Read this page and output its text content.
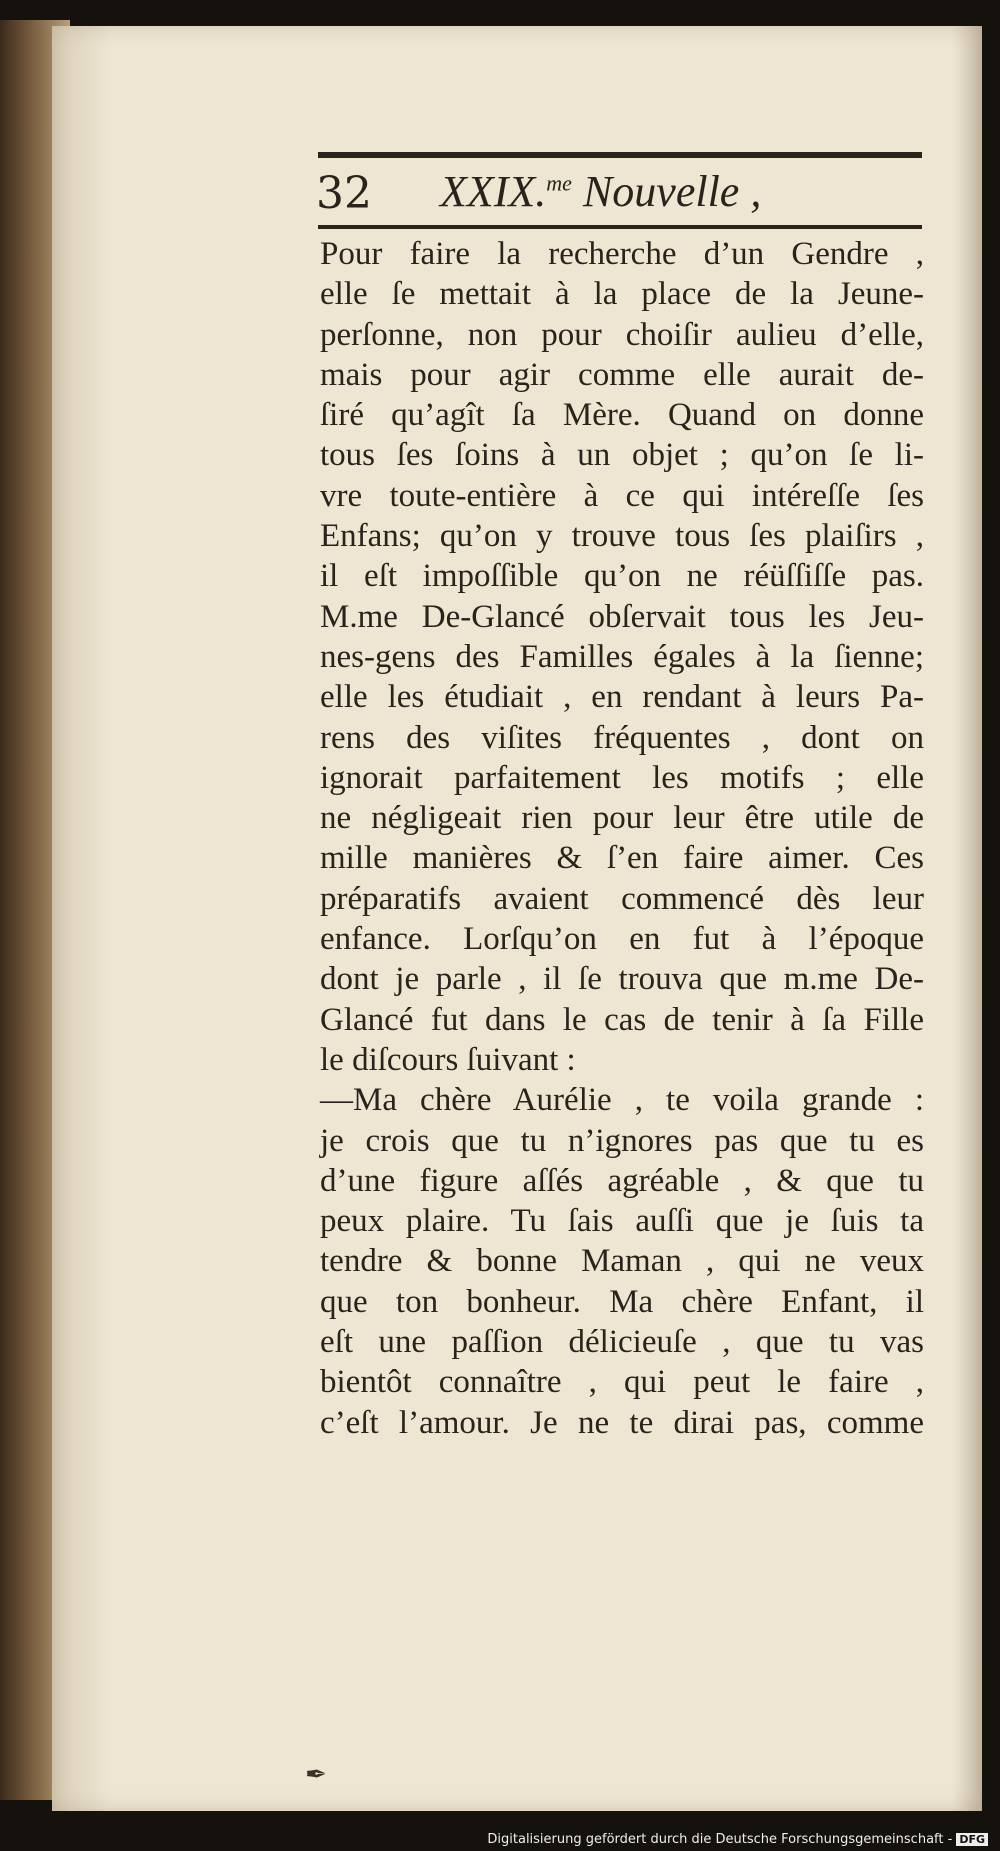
32 XXIX.$^{me}$ Nouvelle ,
Pour faire la recherche d’un Gendre ,
elle ſe mettait à la place de la Jeune-
perſonne, non pour choiſir aulieu d’elle,
mais pour agir comme elle aurait de-
ſiré qu’agît ſa Mère. Quand on donne
tous ſes ſoins à un objet ; qu’on ſe li-
vre toute-entière à ce qui intéreſſe ſes
Enfans; qu’on y trouve tous ſes plaiſirs ,
il eſt impoſſible qu’on ne réüſſiſſe pas.
M.me De-Glancé obſervait tous les Jeu-
nes-gens des Familles égales à la ſienne;
elle les étudiait , en rendant à leurs Pa-
rens des viſites fréquentes , dont on
ignorait parfaitement les motifs ; elle
ne négligeait rien pour leur être utile de
mille manières & ſ’en faire aimer. Ces
préparatifs avaient commencé dès leur
enfance. Lorſqu’on en fut à l’époque
dont je parle , il ſe trouva que m.me De-
Glancé fut dans le cas de tenir à ſa Fille
le diſcours ſuivant :
—Ma chère Aurélie , te voila grande :
je crois que tu n’ignores pas que tu es
d’une figure aſſés agréable , & que tu
peux plaire. Tu ſais auſſi que je ſuis ta
tendre & bonne Maman , qui ne veux
que ton bonheur. Ma chère Enfant, il
eſt une paſſion délicieuſe , que tu vas
bientôt connaître , qui peut le faire ,
c’eſt l’amour. Je ne te dirai pas, comme
✒
Digitalisierung gefördert durch die Deutsche Forschungsgemeinschaft - DFG
